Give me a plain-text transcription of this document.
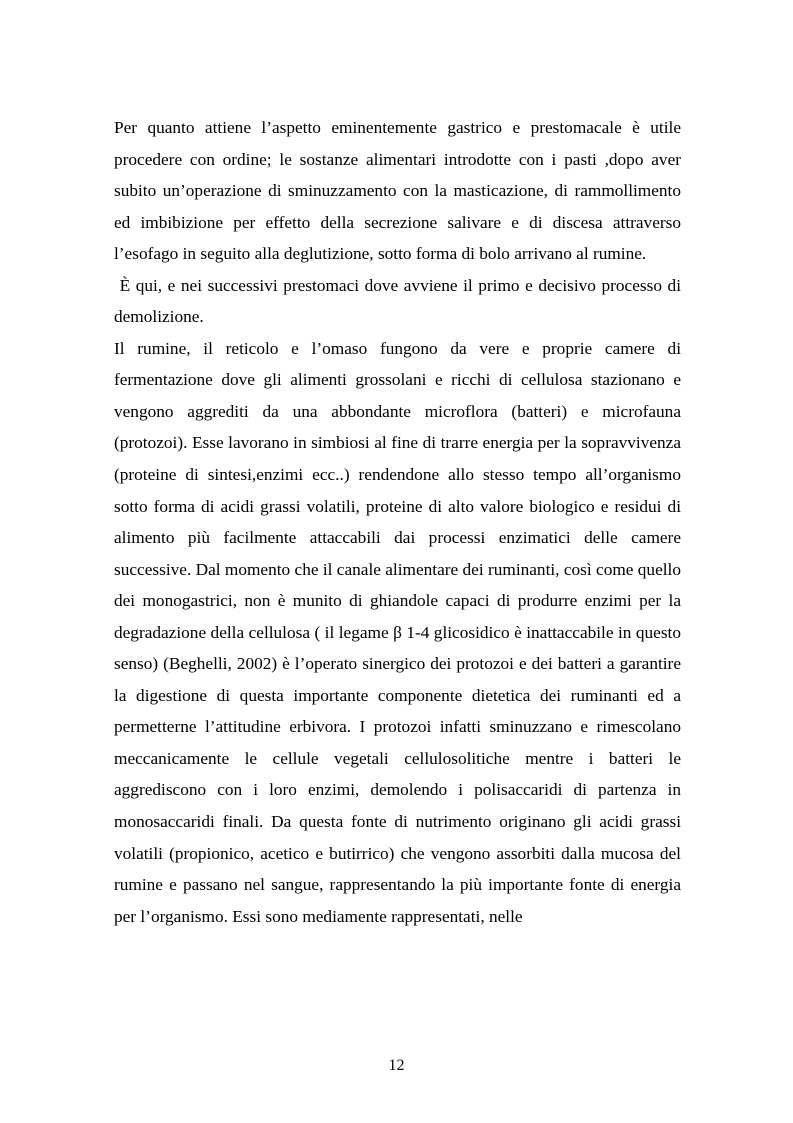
Per quanto attiene l’aspetto eminentemente gastrico e prestomacale è utile procedere con ordine; le sostanze alimentari introdotte con i pasti ,dopo aver subito un’operazione di sminuzzamento con la masticazione, di rammollimento ed imbibizione per effetto della secrezione salivare e di discesa attraverso l’esofago in seguito alla deglutizione, sotto forma di bolo arrivano al rumine.

È qui, e nei successivi prestomaci dove avviene il primo e decisivo processo di demolizione.

Il rumine, il reticolo e l’omaso fungono da vere e proprie camere di fermentazione dove gli alimenti grossolani e ricchi di cellulosa stazionano e vengono aggrediti da una abbondante microflora (batteri) e microfauna (protozoi). Esse lavorano in simbiosi al fine di trarre energia per la sopravvivenza (proteine di sintesi,enzimi ecc..) rendendone allo stesso tempo all’organismo sotto forma di acidi grassi volatili, proteine di alto valore biologico e residui di alimento più facilmente attaccabili dai processi enzimatici delle camere successive. Dal momento che il canale alimentare dei ruminanti, così come quello dei monogastrici, non è munito di ghiandole capaci di produrre enzimi per la degradazione della cellulosa ( il legame β 1-4 glicosidico è inattaccabile in questo senso) (Beghelli, 2002) è l’operato sinergico dei protozoi e dei batteri a garantire la digestione di questa importante componente dietetica dei ruminanti ed a permetterne l’attitudine erbivora. I protozoi infatti sminuzzano e rimescolano meccanicamente le cellule vegetali cellulosolitiche mentre i batteri le aggrediscono con i loro enzimi, demolendo i polisaccaridi di partenza in monosaccaridi finali. Da questa fonte di nutrimento originano gli acidi grassi volatili (propionico, acetico e butirrico) che vengono assorbiti dalla mucosa del rumine e passano nel sangue, rappresentando la più importante fonte di energia per l’organismo. Essi sono mediamente rappresentati, nelle

12
